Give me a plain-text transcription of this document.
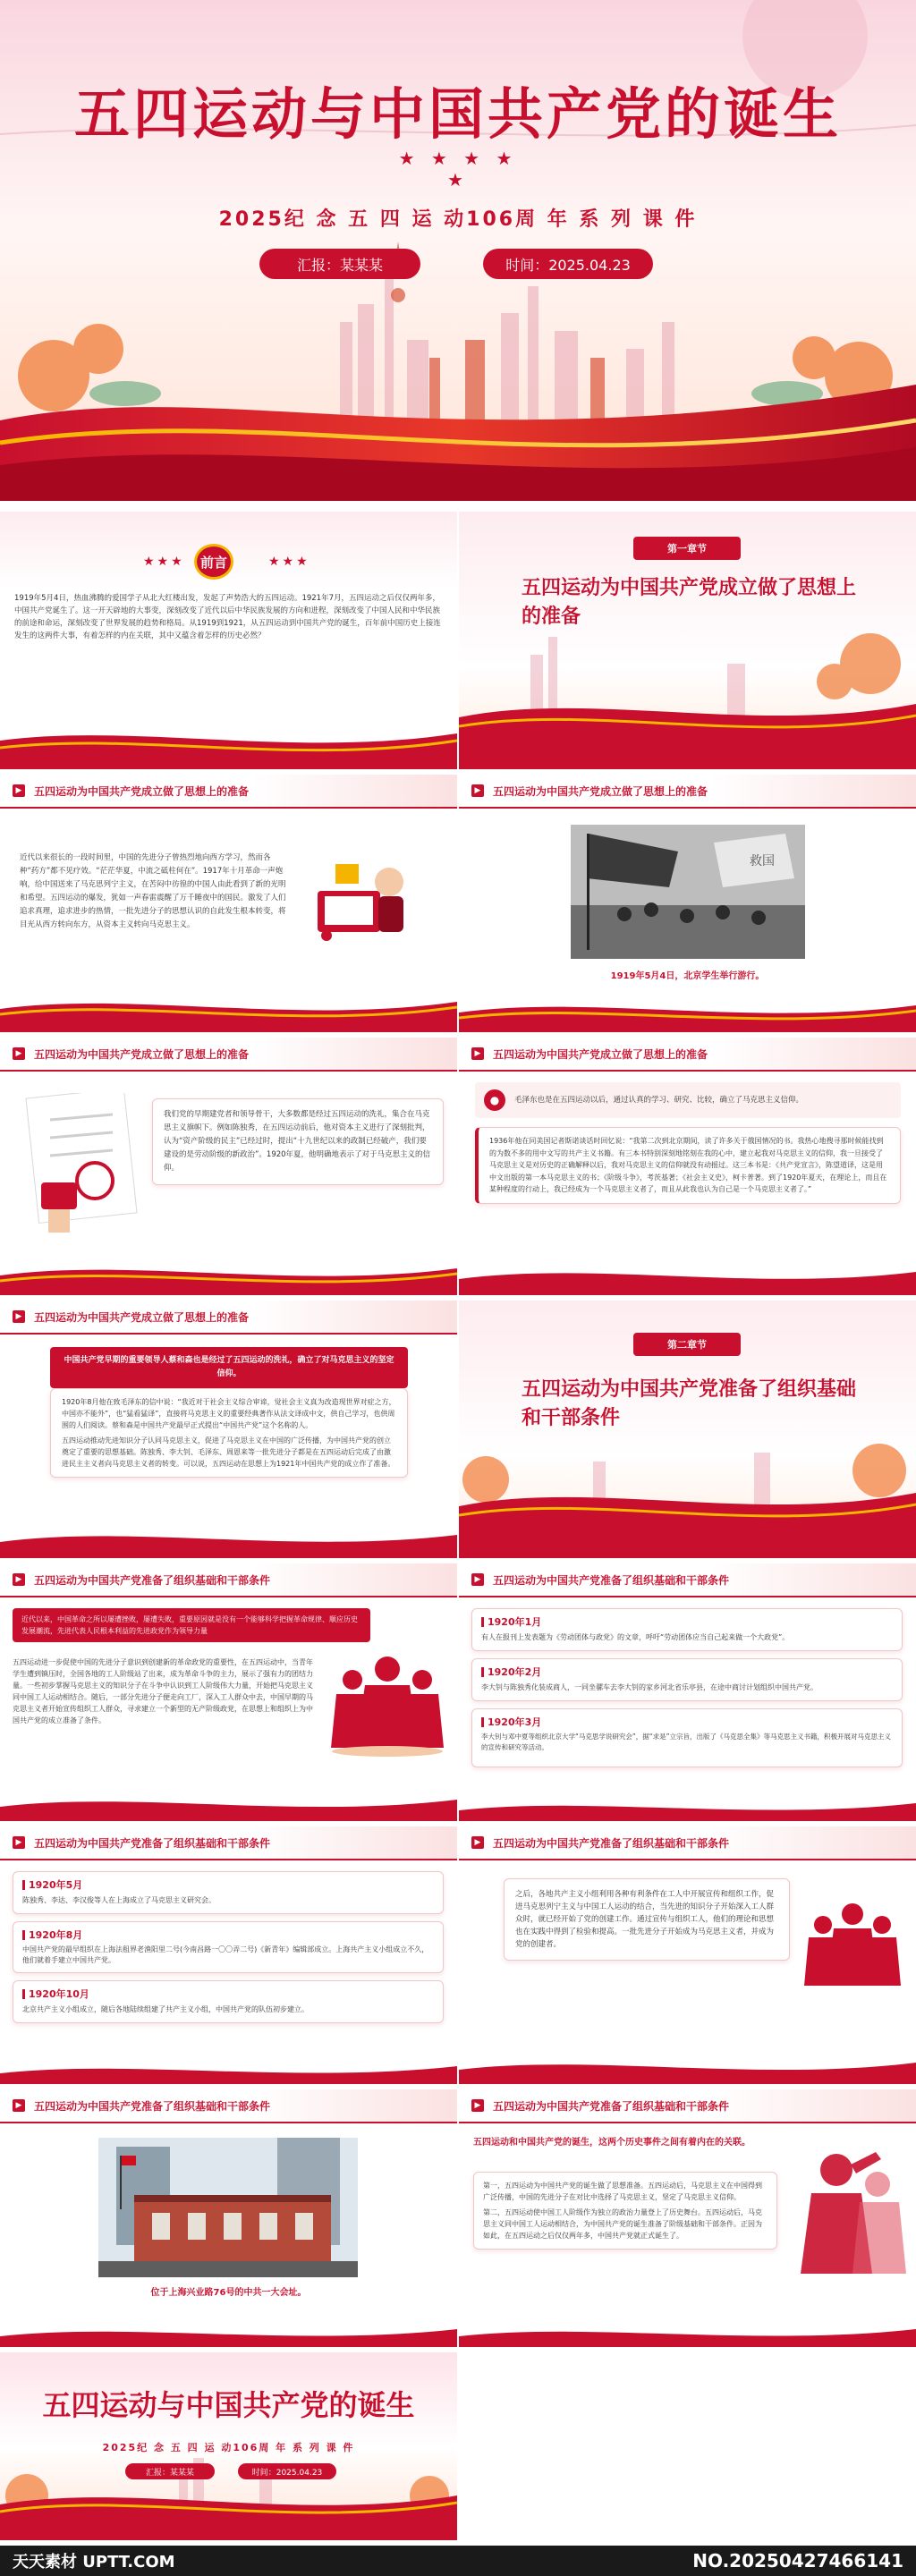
五四运动与中国共产党的诞生
★ ★ ★ ★ ★
2025纪 念 五 四 运 动106周 年 系 列 课 件
汇报：某某某	时间：2025.04.23
★★★	前言	★★★
1919年5月4日，热血沸腾的爱国学子从北大红楼出发，发起了声势浩大的五四运动。1921年7月，五四运动之后仅仅两年多，中国共产党诞生了。这一开天辟地的大事变，深刻改变了近代以后中华民族发展的方向和进程，深刻改变了中国人民和中华民族的前途和命运，深刻改变了世界发展的趋势和格局。从1919到1921，从五四运动到中国共产党的诞生，百年前中国历史上接连发生的这两件大事，有着怎样的内在关联，其中又蕴含着怎样的历史必然？
第一章节
五四运动为中国共产党成立做了思想上的准备
▶ 五四运动为中国共产党成立做了思想上的准备
近代以来很长的一段时间里，中国的先进分子曾热烈地向西方学习，然而各种“药方”都不见疗效。“茫茫华夏，中流之砥柱何在”。1917年十月革命一声炮响，给中国送来了马克思列宁主义，在苦闷中彷徨的中国人由此看到了新的光明和希望。五四运动的爆发，犹如一声春雷震醒了万千睡夜中的国民。激发了人们追求真理，追求进步的热情，一批先进分子的思想认识的自此发生根本转变，将目光从西方转向东方，从资本主义转向马克思主义。
▶ 五四运动为中国共产党成立做了思想上的准备
救国
1919年5月4日，北京学生举行游行。
▶ 五四运动为中国共产党成立做了思想上的准备
我们党的早期建党者和领导骨干，大多数都是经过五四运动的洗礼，集合在马克思主义旗帜下。例如陈独秀，在五四运动前后，他对资本主义进行了深刻批判，认为“资产阶级的民主”已经过时，提出“十九世纪以来的政制已经破产，我们要建设的是劳动阶级的新政治”。1920年夏，他明确地表示了对于马克思主义的信仰。
▶ 五四运动为中国共产党成立做了思想上的准备
●	毛泽东也是在五四运动以后，通过认真的学习、研究、比较，确立了马克思主义信仰。
1936年他在同美国记者斯诺谈话时回忆说：“我第二次到北京期间，读了许多关于俄国情况的书。我热心地搜寻那时候能找到的为数不多的用中文写的共产主义书籍。有三本书特别深刻地铭刻在我的心中，建立起我对马克思主义的信仰，我一旦接受了马克思主义是对历史的正确解释以后，我对马克思主义的信仰就没有动摇过。这三本书是：《共产党宣言》，陈望道译，这是用中文出版的第一本马克思主义的书；《阶级斗争》，考茨基著；《社会主义史》，柯卡普著。到了1920年夏天，在理论上，而且在某种程度的行动上，我已经成为一个马克思主义者了，而且从此我也认为自己是一个马克思主义者了。”
▶ 五四运动为中国共产党成立做了思想上的准备
中国共产党早期的重要领导人蔡和森也是经过了五四运动的洗礼，确立了对马克思主义的坚定信仰。

1920年8月他在致毛泽东的信中说：“我近对于社会主义综合审谛，觉社会主义真为改造现世界对症之方，中国亦不能外”，也“猛看猛译”，直接将马克思主义的重要经典著作从法文译成中文，供自己学习，也供周围的人们阅读。蔡和森是中国共产党最早正式提出“中国共产党”这个名称的人。

五四运动推动先进知识分子认同马克思主义，促进了马克思主义在中国的广泛传播，为中国共产党的创立奠定了重要的思想基础。陈独秀、李大钊、毛泽东、周恩来等一批先进分子都是在五四运动后完成了由激进民主主义者向马克思主义者的转变。可以说，五四运动在思想上为1921年中国共产党的成立作了准备。

第二章节
五四运动为中国共产党准备了组织基础和干部条件
▶ 五四运动为中国共产党准备了组织基础和干部条件
近代以来，中国革命之所以屡遭挫败，屡遭失败，重要原因就是没有一个能够科学把握革命规律、顺应历史发展潮流，先进代表人民根本利益的先进政党作为领导力量
五四运动进一步促使中国的先进分子意识到创建新的革命政党的重要性，在五四运动中，当青年学生遭到镇压时，全国各地的工人阶级站了出来，成为革命斗争的主力，展示了强有力的团结力量。一些初步掌握马克思主义的知识分子在斗争中认识到工人阶级伟大力量，开始把马克思主义同中国工人运动相结合。随后，一部分先进分子便走向工厂，深入工人群众中去，中国早期的马克思主义者开始宣传组织工人群众，寻求建立一个新型的无产阶级政党，在思想上和组织上为中国共产党的成立准备了条件。
▶ 五四运动为中国共产党准备了组织基础和干部条件
1920年1月
有人在报刊上发表题为《劳动团体与政党》的文章，呼吁“劳动团体应当自己起来做一个大政党”。
1920年2月
李大钊与陈独秀化装成商人，一同坐骡车去李大钊的家乡河北省乐亭县，在途中商讨计划组织中国共产党。
1920年3月
李大钊与邓中夏等组织北京大学“马克思学说研究会”，据“求是”立宗旨，出版了《马克思全集》等马克思主义书籍，积极开展对马克思主义的宣传和研究等活动。
▶ 五四运动为中国共产党准备了组织基础和干部条件
1920年5月
陈独秀、李达、李汉俊等人在上海成立了马克思主义研究会。
1920年8月
中国共产党的最早组织在上海法租界老渔阳里二号(今南昌路一〇〇弄二号)《新青年》编辑部成立。上海共产主义小组成立不久，他们就着手建立中国共产党。
1920年10月
北京共产主义小组成立，随后各地陆续组建了共产主义小组，中国共产党的队伍初步建立。
▶ 五四运动为中国共产党准备了组织基础和干部条件
之后，各地共产主义小组利用各种有利条件在工人中开展宣传和组织工作，促进马克思列宁主义与中国工人运动的结合，当先进的知识分子开始深入工人群众时，就已经开始了党的创建工作。通过宣传与组织工人，他们的理论和思想也在实践中得到了检验和提高。一批先进分子开始成为马克思主义者，并成为党的创建者。
▶ 五四运动为中国共产党准备了组织基础和干部条件
位于上海兴业路76号的中共一大会址。
▶ 五四运动为中国共产党准备了组织基础和干部条件
五四运动和中国共产党的诞生，这两个历史事件之间有着内在的关联。

第一，五四运动为中国共产党的诞生做了思想准备。五四运动后，马克思主义在中国得到广泛传播，中国的先进分子在对比中选择了马克思主义，坚定了马克思主义信仰。

第二，五四运动使中国工人阶级作为独立的政治力量登上了历史舞台。五四运动后，马克思主义同中国工人运动相结合，为中国共产党的诞生准备了阶级基础和干部条件。正因为如此，在五四运动之后仅仅两年多，中国共产党就正式诞生了。

五四运动与中国共产党的诞生
2025纪 念 五 四 运 动106周 年 系 列 课 件
汇报：某某某	时间：2025.04.23
天天素材 UPTT.COM	NO.20250427466141
